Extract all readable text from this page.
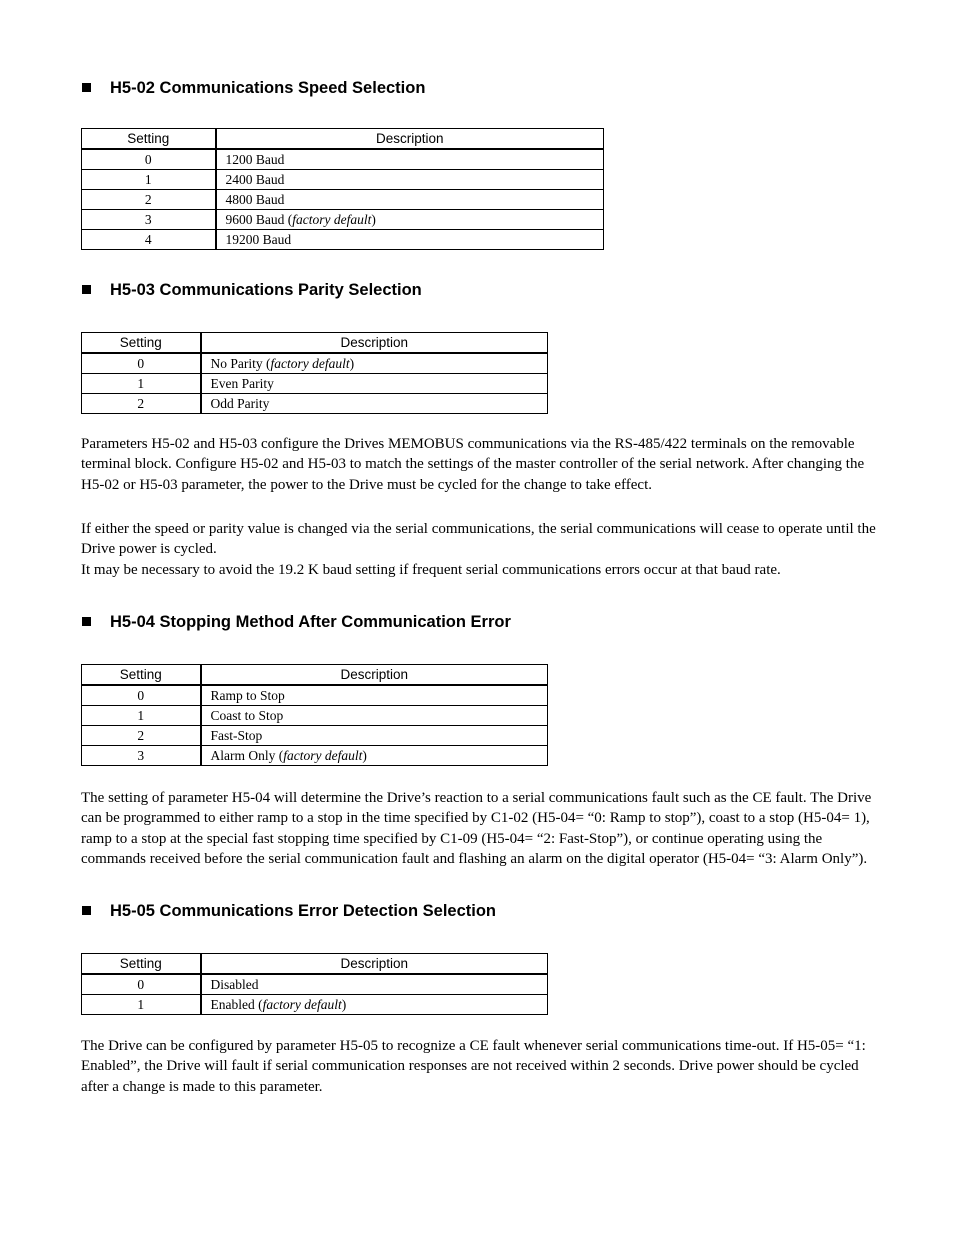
H5-02 Communications Speed Selection
Setting	Description
0	1200 Baud
1	2400 Baud
2	4800 Baud
3	9600 Baud (factory default)
4	19200 Baud
H5-03 Communications Parity Selection
Setting	Description
0	No Parity (factory default)
1	Even Parity
2	Odd Parity

Parameters H5-02 and H5-03 configure the Drives MEMOBUS communications via the RS-485/422 terminals on the removable terminal block. Configure H5-02 and H5-03 to match the settings of the master controller of the serial network. After changing the H5-02 or H5-03 parameter, the power to the Drive must be cycled for the change to take effect.

If either the speed or parity value is changed via the serial communications, the serial communications will cease to operate until the Drive power is cycled.

It may be necessary to avoid the 19.2 K baud setting if frequent serial communications errors occur at that baud rate.

H5-04 Stopping Method After Communication Error
Setting	Description
0	Ramp to Stop
1	Coast to Stop
2	Fast-Stop
3	Alarm Only (factory default)

The setting of parameter H5-04 will determine the Drive’s reaction to a serial communications fault such as the CE fault. The Drive can be programmed to either ramp to a stop in the time specified by C1-02 (H5-04= “0: Ramp to stop”), coast to a stop (H5-04= 1), ramp to a stop at the special fast stopping time specified by C1-09 (H5-04= “2: Fast-Stop”), or continue operating using the commands received before the serial communication fault and flashing an alarm on the digital operator (H5-04= “3: Alarm Only”).

H5-05 Communications Error Detection Selection
Setting	Description
0	Disabled
1	Enabled (factory default)

The Drive can be configured by parameter H5-05 to recognize a CE fault whenever serial communications time-out. If H5-05= “1: Enabled”, the Drive will fault if serial communication responses are not received within 2 seconds. Drive power should be cycled after a change is made to this parameter.
